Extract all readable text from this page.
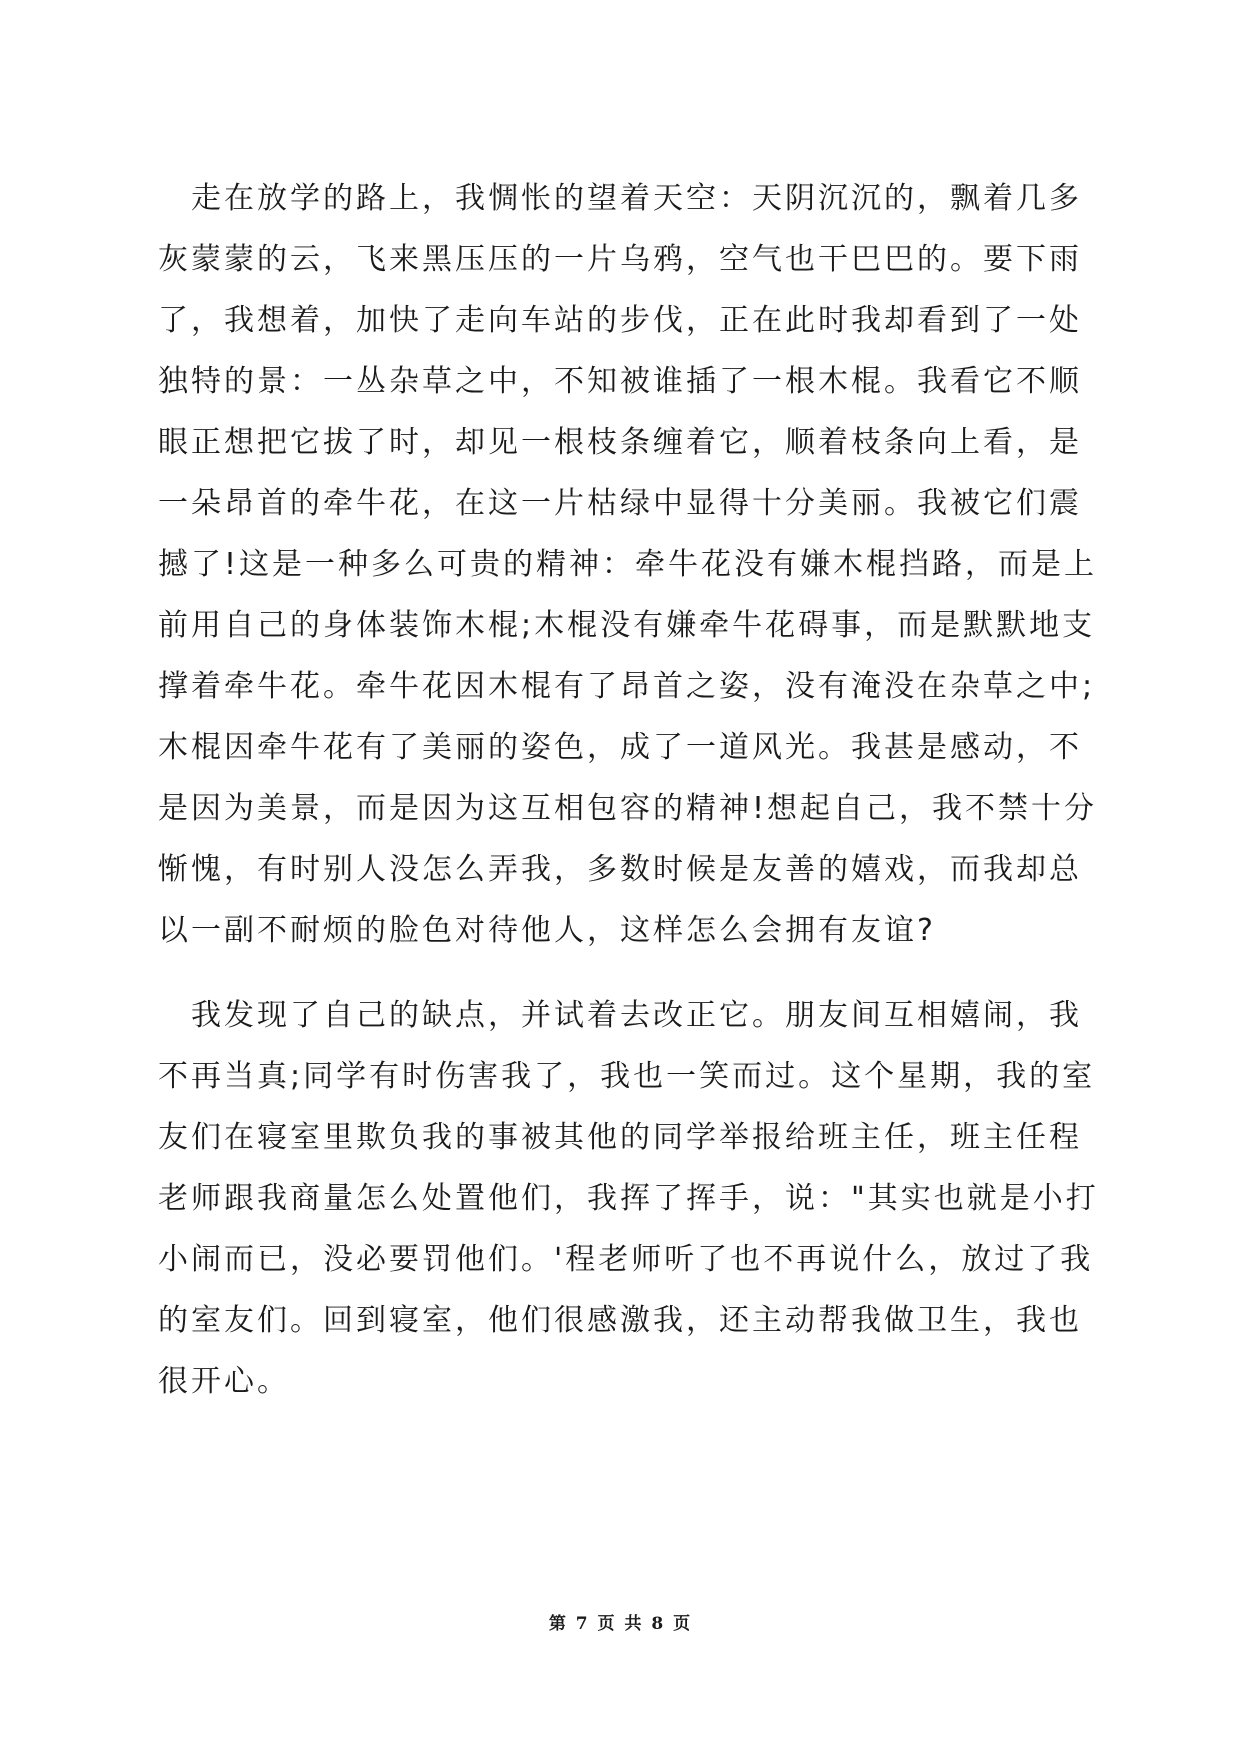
　走在放学的路上，我惆怅的望着天空：天阴沉沉的，飘着几多
灰蒙蒙的云，飞来黑压压的一片乌鸦，空气也干巴巴的。要下雨
了，我想着，加快了走向车站的步伐，正在此时我却看到了一处
独特的景：一丛杂草之中，不知被谁插了一根木棍。我看它不顺
眼正想把它拔了时，却见一根枝条缠着它，顺着枝条向上看，是
一朵昂首的牵牛花，在这一片枯绿中显得十分美丽。我被它们震
撼了!这是一种多么可贵的精神：牵牛花没有嫌木棍挡路，而是上
前用自己的身体装饰木棍;木棍没有嫌牵牛花碍事，而是默默地支
撑着牵牛花。牵牛花因木棍有了昂首之姿，没有淹没在杂草之中;
木棍因牵牛花有了美丽的姿色，成了一道风光。我甚是感动，不
是因为美景，而是因为这互相包容的精神!想起自己，我不禁十分
惭愧，有时别人没怎么弄我，多数时候是友善的嬉戏，而我却总
以一副不耐烦的脸色对待他人，这样怎么会拥有友谊?
　我发现了自己的缺点，并试着去改正它。朋友间互相嬉闹，我
不再当真;同学有时伤害我了，我也一笑而过。这个星期，我的室
友们在寝室里欺负我的事被其他的同学举报给班主任，班主任程
老师跟我商量怎么处置他们，我挥了挥手，说："其实也就是小打
小闹而已，没必要罚他们。'程老师听了也不再说什么，放过了我
的室友们。回到寝室，他们很感激我，还主动帮我做卫生，我也
很开心。
第 7 页 共 8 页
